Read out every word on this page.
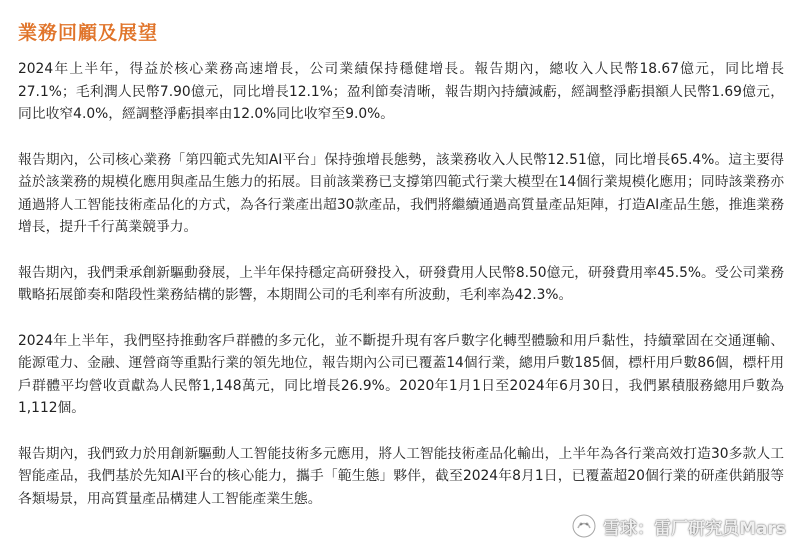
業務回顧及展望

2024年上半年，得益於核心業務高速增長，公司業績保持穩健增長。報告期內，總收入人民幣18.67億元，同比增長27.1%；毛利潤人民幣7.90億元，同比增長12.1%；盈利節奏清晰，報告期內持續減虧，經調整淨虧損額人民幣1.69億元，同比收窄4.0%，經調整淨虧損率由12.0%同比收窄至9.0%。

報告期內，公司核心業務「第四範式先知AI平台」保持強增長態勢，該業務收入人民幣12.51億，同比增長65.4%。這主要得益於該業務的規模化應用與產品生態力的拓展。目前該業務已支撐第四範式行業大模型在14個行業規模化應用；同時該業務亦通過將人工智能技術產品化的方式，為各行業產出超30款產品，我們將繼續通過高質量產品矩陣，打造AI產品生態，推進業務增長，提升千行萬業競爭力。

報告期內，我們秉承創新驅動發展，上半年保持穩定高研發投入，研發費用人民幣8.50億元，研發費用率45.5%。受公司業務戰略拓展節奏和階段性業務結構的影響，本期間公司的毛利率有所波動，毛利率為42.3%。

2024年上半年，我們堅持推動客戶群體的多元化，並不斷提升現有客戶數字化轉型體驗和用戶黏性，持續鞏固在交通運輸、能源電力、金融、運營商等重點行業的領先地位，報告期內公司已覆蓋14個行業，總用戶數185個，標杆用戶數86個，標杆用戶群體平均營收貢獻為人民幣1,148萬元，同比增長26.9%。2020年1月1日至2024年6月30日，我們累積服務總用戶數為1,112個。

報告期內，我們致力於用創新驅動人工智能技術多元應用，將人工智能技術產品化輸出，上半年為各行業高效打造30多款人工智能產品，我們基於先知AI平台的核心能力，攜手「範生態」夥伴，截至2024年8月1日，已覆蓋超20個行業的研產供銷服等各類場景，用高質量產品構建人工智能產業生態。

雪球：雷厂研究员Mars
